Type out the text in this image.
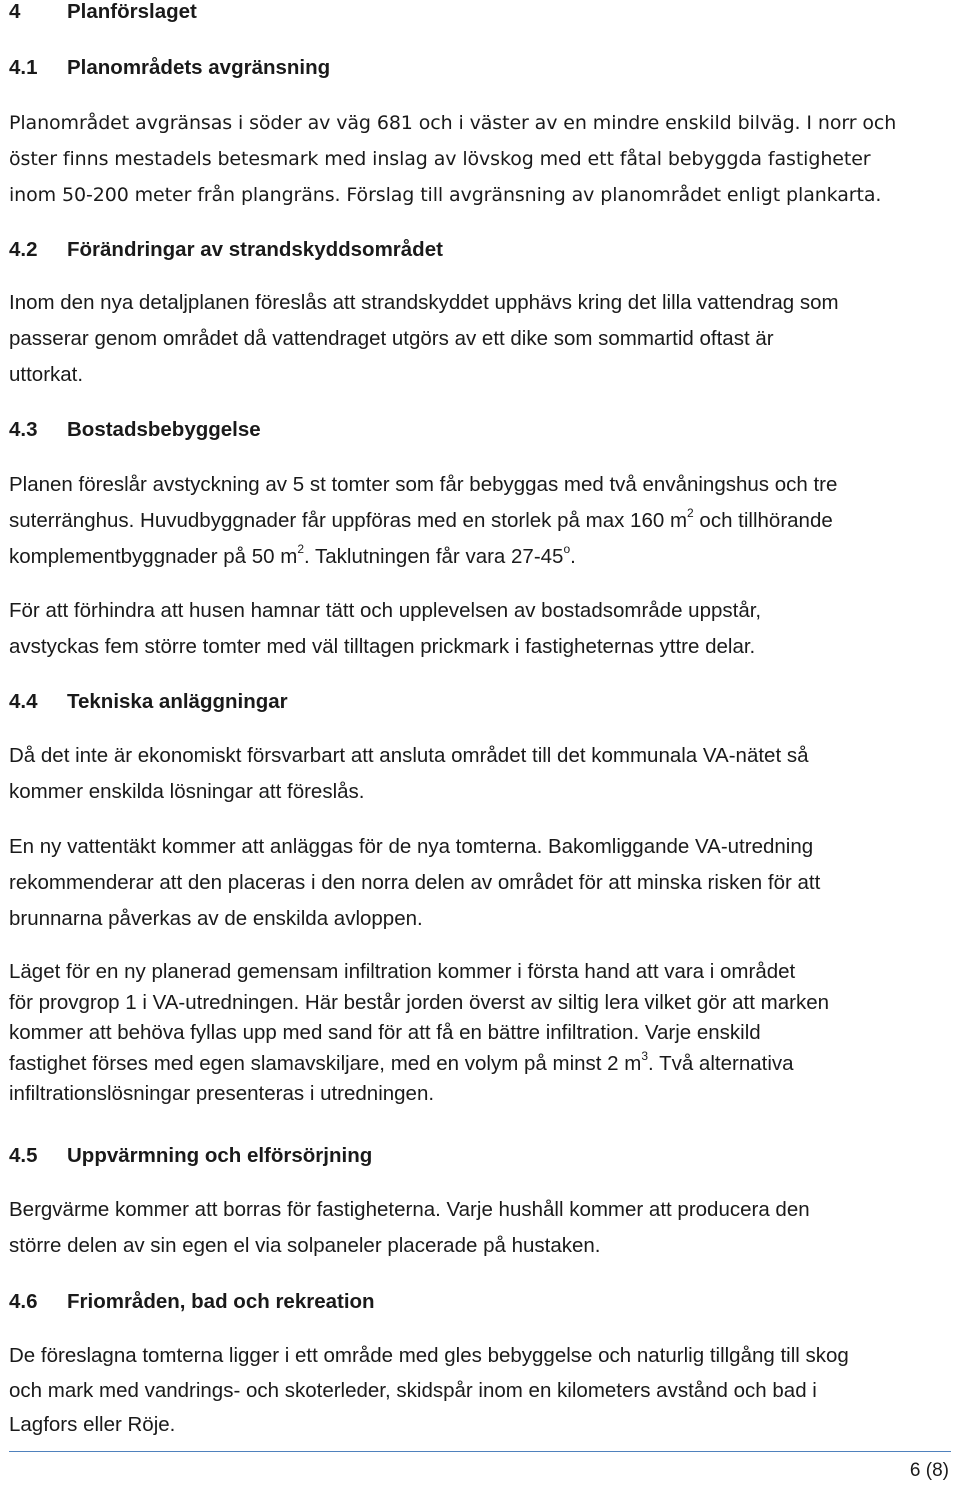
4 Planförslaget
4.1 Planområdets avgränsning
Planområdet avgränsas i söder av väg 681 och i väster av en mindre enskild bilväg. I norr och
öster finns mestadels betesmark med inslag av lövskog med ett fåtal bebyggda fastigheter
inom 50-200 meter från plangräns. Förslag till avgränsning av planområdet enligt plankarta.
4.2 Förändringar av strandskyddsområdet
Inom den nya detaljplanen föreslås att strandskyddet upphävs kring det lilla vattendrag som
passerar genom området då vattendraget utgörs av ett dike som sommartid oftast är
uttorkat.
4.3 Bostadsbebyggelse
Planen föreslår avstyckning av 5 st tomter som får bebyggas med två envåningshus och tre
suterränghus. Huvudbyggnader får uppföras med en storlek på max 160 $m^2$ och tillhörande
komplementbyggnader på 50 $m^2$. Taklutningen får vara 27-45$^o$.
För att förhindra att husen hamnar tätt och upplevelsen av bostadsområde uppstår,
avstyckas fem större tomter med väl tilltagen prickmark i fastigheternas yttre delar.
4.4 Tekniska anläggningar
Då det inte är ekonomiskt försvarbart att ansluta området till det kommunala VA-nätet så
kommer enskilda lösningar att föreslås.
En ny vattentäkt kommer att anläggas för de nya tomterna. Bakomliggande VA-utredning
rekommenderar att den placeras i den norra delen av området för att minska risken för att
brunnarna påverkas av de enskilda avloppen.
Läget för en ny planerad gemensam infiltration kommer i första hand att vara i området
för provgrop 1 i VA-utredningen. Här består jorden överst av siltig lera vilket gör att marken
kommer att behöva fyllas upp med sand för att få en bättre infiltration. Varje enskild
fastighet förses med egen slamavskiljare, med en volym på minst 2 $m^3$. Två alternativa
infiltrationslösningar presenteras i utredningen.
4.5 Uppvärmning och elförsörjning
Bergvärme kommer att borras för fastigheterna. Varje hushåll kommer att producera den
större delen av sin egen el via solpaneler placerade på hustaken.
4.6 Friområden, bad och rekreation
De föreslagna tomterna ligger i ett område med gles bebyggelse och naturlig tillgång till skog
och mark med vandrings- och skoterleder, skidspår inom en kilometers avstånd och bad i
Lagfors eller Röje.
6 (8)
